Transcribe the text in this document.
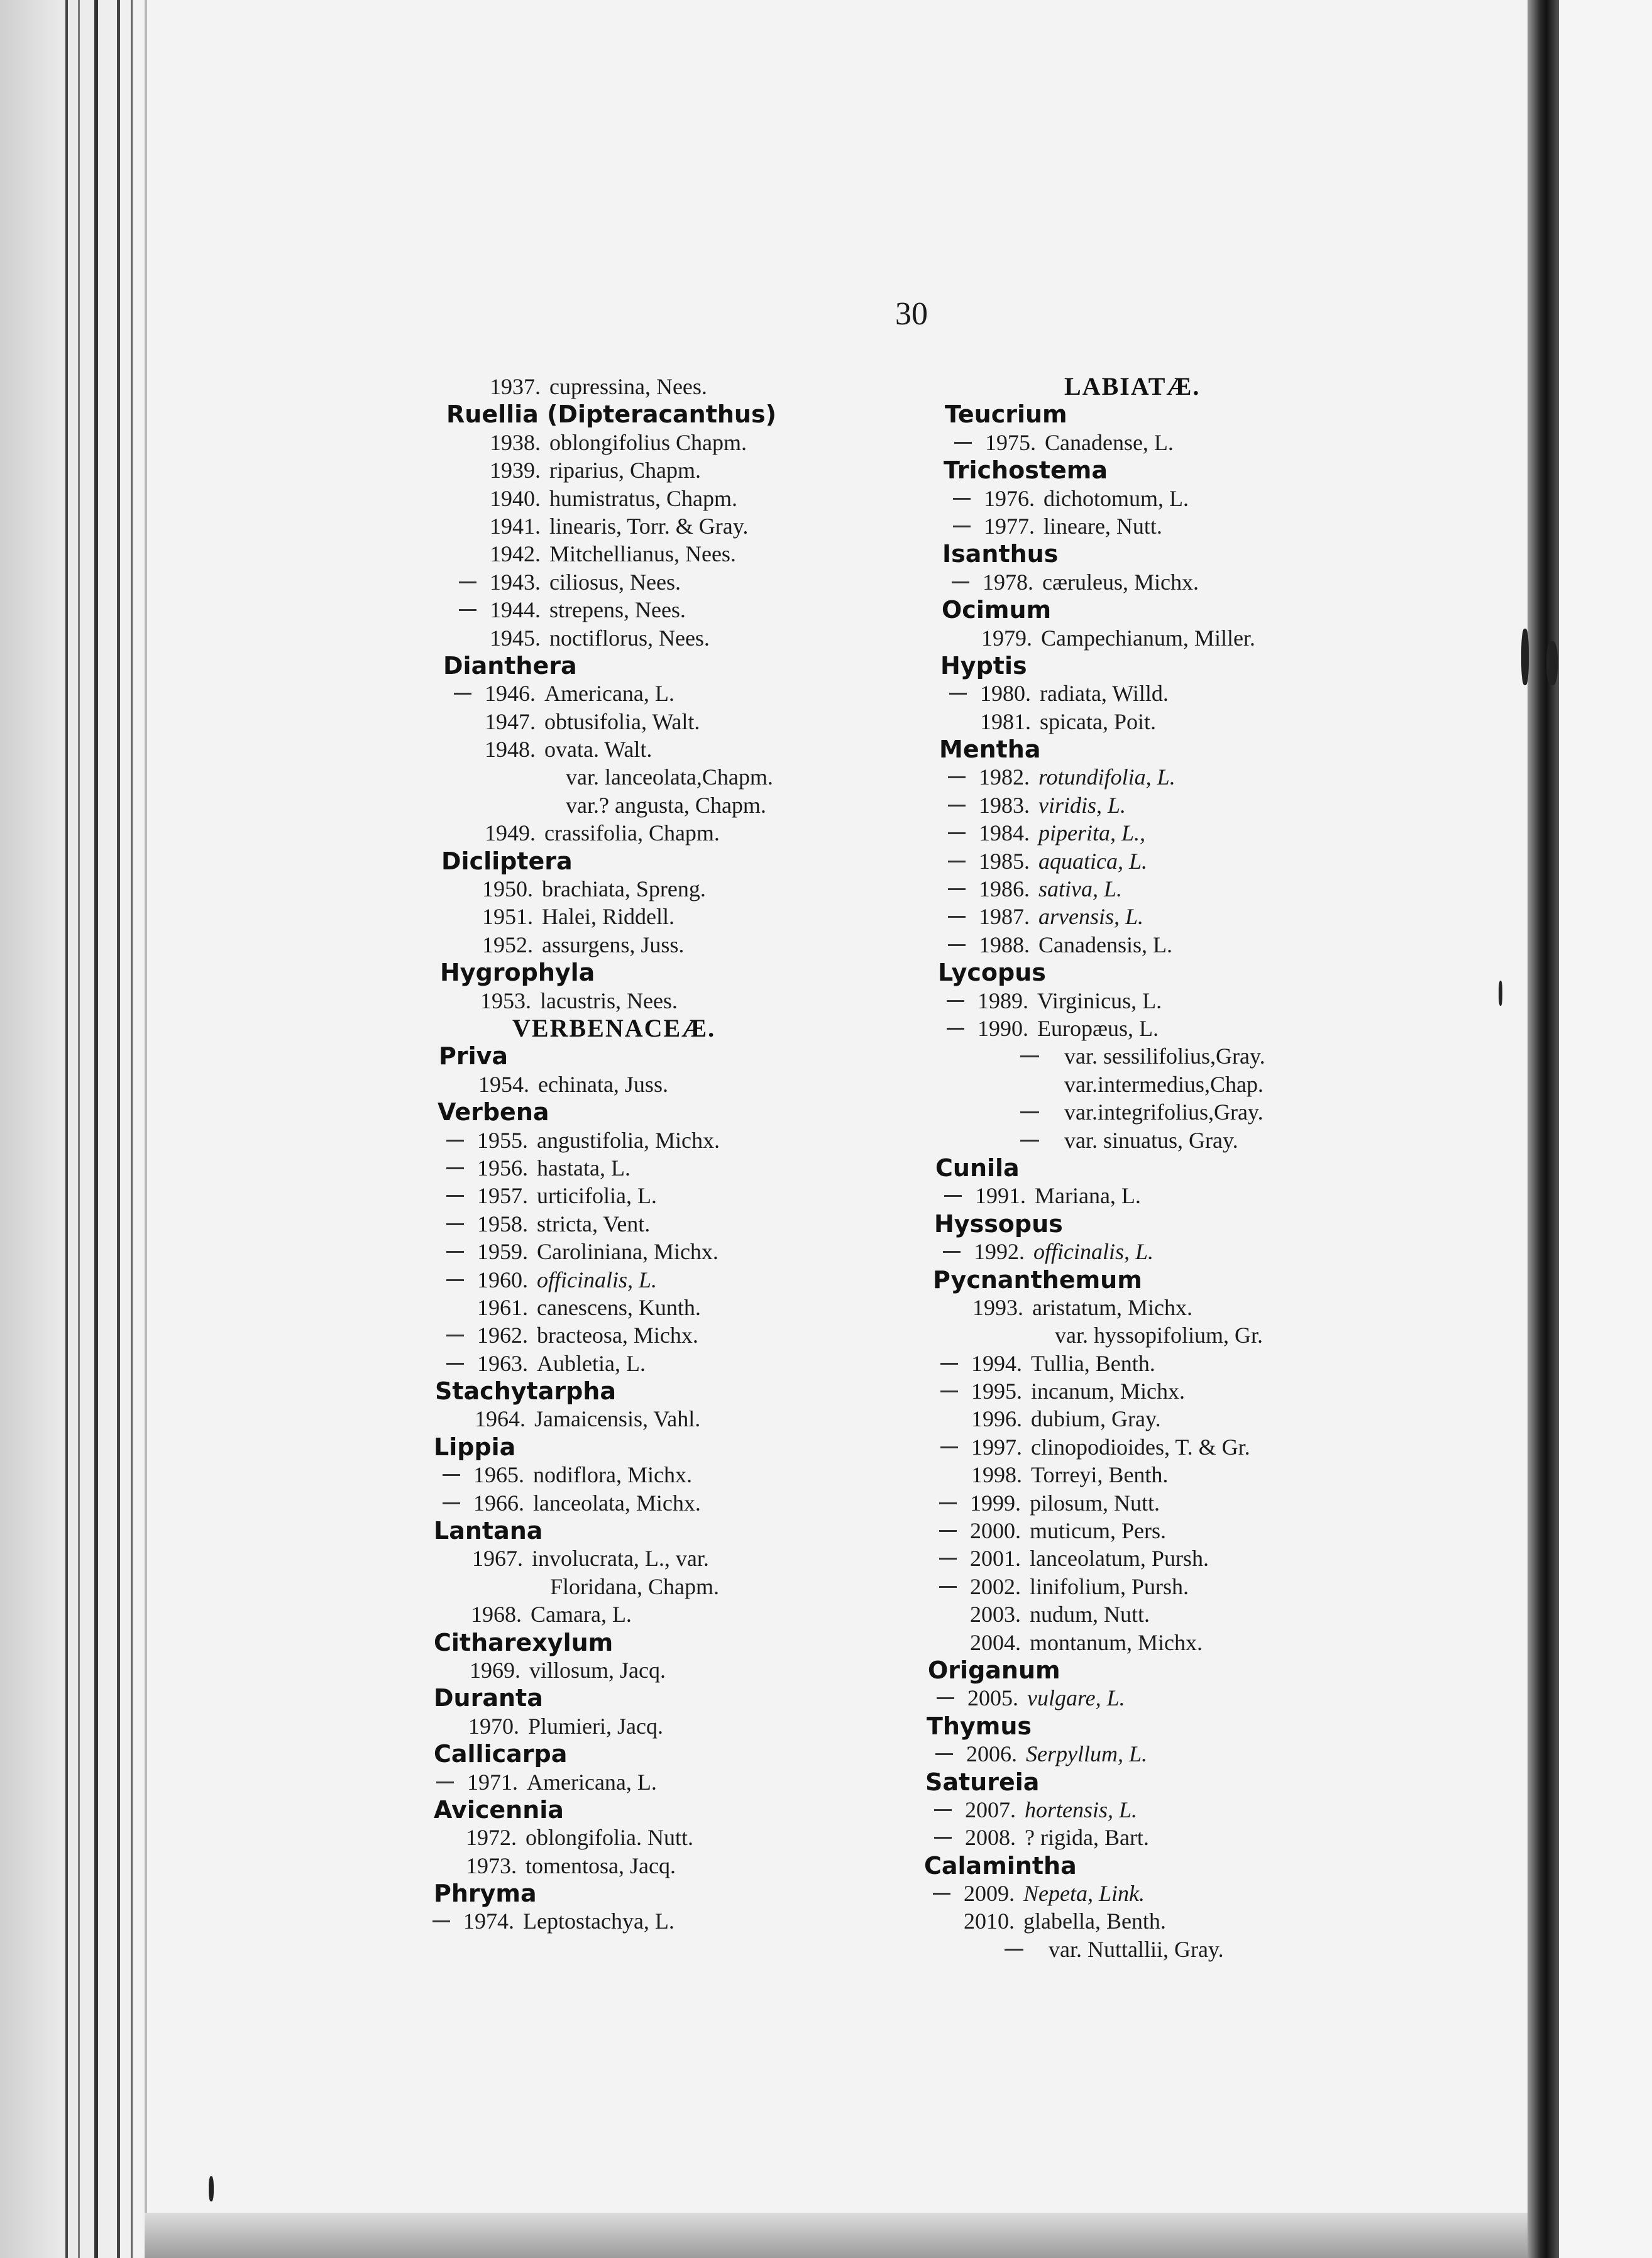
30
1937. cupressina, Nees.
Ruellia (Dipteracanthus)
1938. oblongifolius Chapm.
1939. riparius, Chapm.
1940. humistratus, Chapm.
1941. linearis, Torr. & Gray.
1942. Mitchellianus, Nees.
1943. ciliosus, Nees.
1944. strepens, Nees.
1945. noctiflorus, Nees.
Dianthera
1946. Americana, L.
1947. obtusifolia, Walt.
1948. ovata. Walt.
var. lanceolata,Chapm.
var.? angusta, Chapm.
1949. crassifolia, Chapm.
Dicliptera
1950. brachiata, Spreng.
1951. Halei, Riddell.
1952. assurgens, Juss.
Hygrophyla
1953. lacustris, Nees.
VERBENACEÆ.
Priva
1954. echinata, Juss.
Verbena
1955. angustifolia, Michx.
1956. hastata, L.
1957. urticifolia, L.
1958. stricta, Vent.
1959. Caroliniana, Michx.
1960. officinalis, L.
1961. canescens, Kunth.
1962. bracteosa, Michx.
1963. Aubletia, L.
Stachytarpha
1964. Jamaicensis, Vahl.
Lippia
1965. nodiflora, Michx.
1966. lanceolata, Michx.
Lantana
1967. involucrata, L., var.
Floridana, Chapm.
1968. Camara, L.
Citharexylum
1969. villosum, Jacq.
Duranta
1970. Plumieri, Jacq.
Callicarpa
1971. Americana, L.
Avicennia
1972. oblongifolia. Nutt.
1973. tomentosa, Jacq.
Phryma
1974. Leptostachya, L.
LABIATÆ.
Teucrium
1975. Canadense, L.
Trichostema
1976. dichotomum, L.
1977. lineare, Nutt.
Isanthus
1978. cæruleus, Michx.
Ocimum
1979. Campechianum, Miller.
Hyptis
1980. radiata, Willd.
1981. spicata, Poit.
Mentha
1982. rotundifolia, L.
1983. viridis, L.
1984. piperita, L.,
1985. aquatica, L.
1986. sativa, L.
1987. arvensis, L.
1988. Canadensis, L.
Lycopus
1989. Virginicus, L.
1990. Europæus, L.
var. sessilifolius,Gray.
var.intermedius,Chap.
var.integrifolius,Gray.
var. sinuatus, Gray.
Cunila
1991. Mariana, L.
Hyssopus
1992. officinalis, L.
Pycnanthemum
1993. aristatum, Michx.
var. hyssopifolium, Gr.
1994. Tullia, Benth.
1995. incanum, Michx.
1996. dubium, Gray.
1997. clinopodioides, T. & Gr.
1998. Torreyi, Benth.
1999. pilosum, Nutt.
2000. muticum, Pers.
2001. lanceolatum, Pursh.
2002. linifolium, Pursh.
2003. nudum, Nutt.
2004. montanum, Michx.
Origanum
2005. vulgare, L.
Thymus
2006. Serpyllum, L.
Satureia
2007. hortensis, L.
2008. ? rigida, Bart.
Calamintha
2009. Nepeta, Link.
2010. glabella, Benth.
var. Nuttallii, Gray.
